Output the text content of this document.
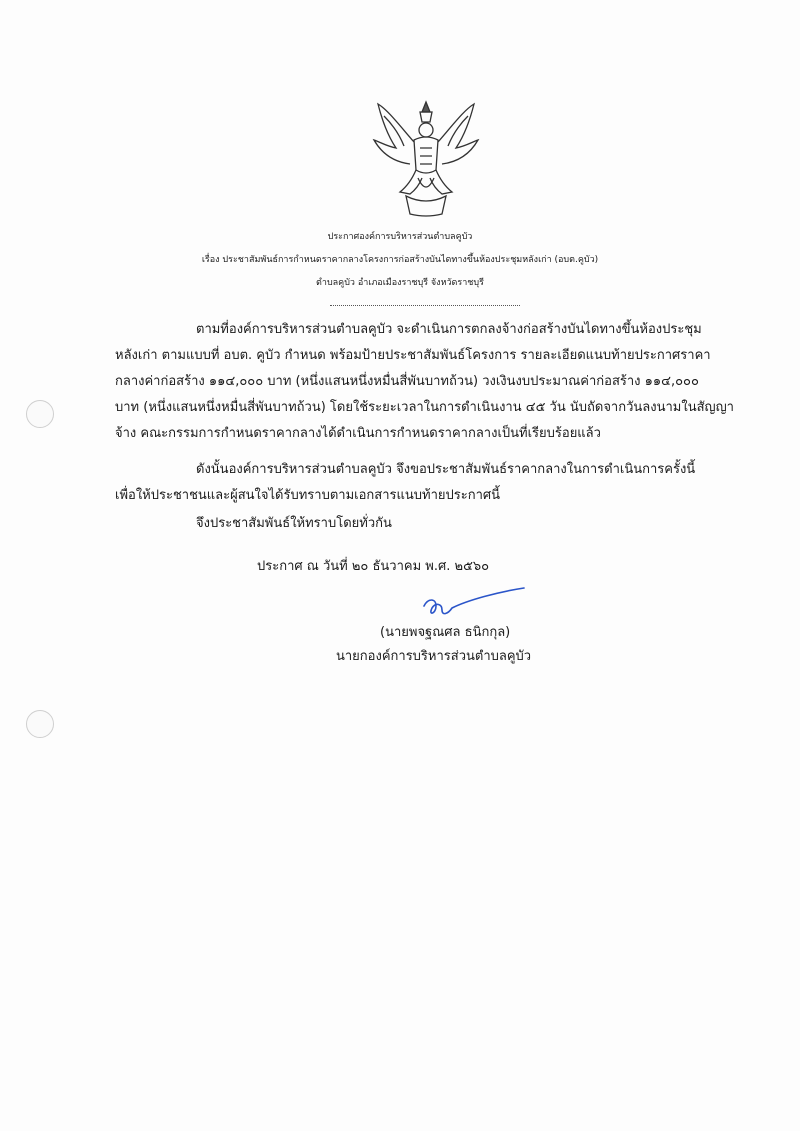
ประกาศองค์การบริหารส่วนตำบลคูบัว
เรื่อง ประชาสัมพันธ์การกำหนดราคากลางโครงการก่อสร้างบันไดทางขึ้นห้องประชุมหลังเก่า (อบต.คูบัว)
ตำบลคูบัว อำเภอเมืองราชบุรี จังหวัดราชบุรี
ตามที่องค์การบริหารส่วนตำบลคูบัว จะดำเนินการตกลงจ้างก่อสร้างบันไดทางขึ้นห้องประชุม
หลังเก่า ตามแบบที่ อบต. คูบัว กำหนด พร้อมป้ายประชาสัมพันธ์โครงการ รายละเอียดแนบท้ายประกาศราคา
กลางค่าก่อสร้าง ๑๑๔,๐๐๐ บาท (หนึ่งแสนหนึ่งหมื่นสี่พันบาทถ้วน) วงเงินงบประมาณค่าก่อสร้าง ๑๑๔,๐๐๐
บาท (หนึ่งแสนหนึ่งหมื่นสี่พันบาทถ้วน) โดยใช้ระยะเวลาในการดำเนินงาน ๔๕ วัน นับถัดจากวันลงนามในสัญญา
จ้าง คณะกรรมการกำหนดราคากลางได้ดำเนินการกำหนดราคากลางเป็นที่เรียบร้อยแล้ว
ดังนั้นองค์การบริหารส่วนตำบลคูบัว จึงขอประชาสัมพันธ์ราคากลางในการดำเนินการครั้งนี้
เพื่อให้ประชาชนและผู้สนใจได้รับทราบตามเอกสารแนบท้ายประกาศนี้
จึงประชาสัมพันธ์ให้ทราบโดยทั่วกัน
ประกาศ ณ วันที่ ๒๐ ธันวาคม พ.ศ. ๒๕๖๐
(นายพจฐณศล ธนิกกุล)
นายกองค์การบริหารส่วนตำบลคูบัว
